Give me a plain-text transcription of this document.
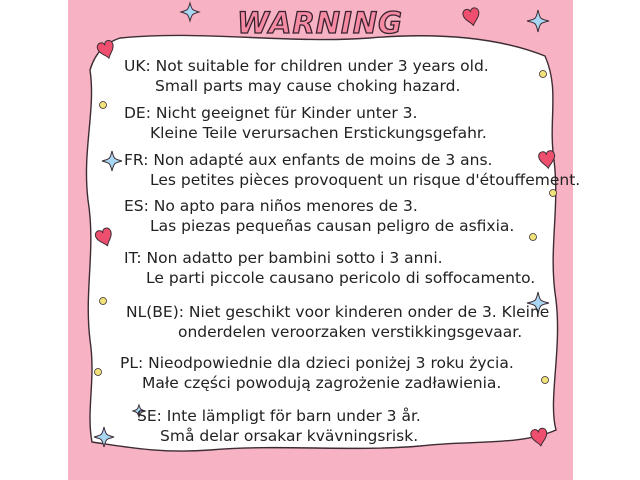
WARNING
UK: Not suitable for children under 3 years old.
Small parts may cause choking hazard.
DE: Nicht geeignet für Kinder unter 3.
Kleine Teile verursachen Erstickungsgefahr.
FR: Non adapté aux enfants de moins de 3 ans.
Les petites pièces provoquent un risque d'étouffement.
ES: No apto para niños menores de 3.
Las piezas pequeñas causan peligro de asfixia.
IT: Non adatto per bambini sotto i 3 anni.
Le parti piccole causano pericolo di soffocamento.
NL(BE): Niet geschikt voor kinderen onder de 3. Kleine
onderdelen veroorzaken verstikkingsgevaar.
PL: Nieodpowiednie dla dzieci poniżej 3 roku życia.
Małe części powodują zagrożenie zadławienia.
SE: Inte lämpligt för barn under 3 år.
Små delar orsakar kvävningsrisk.
